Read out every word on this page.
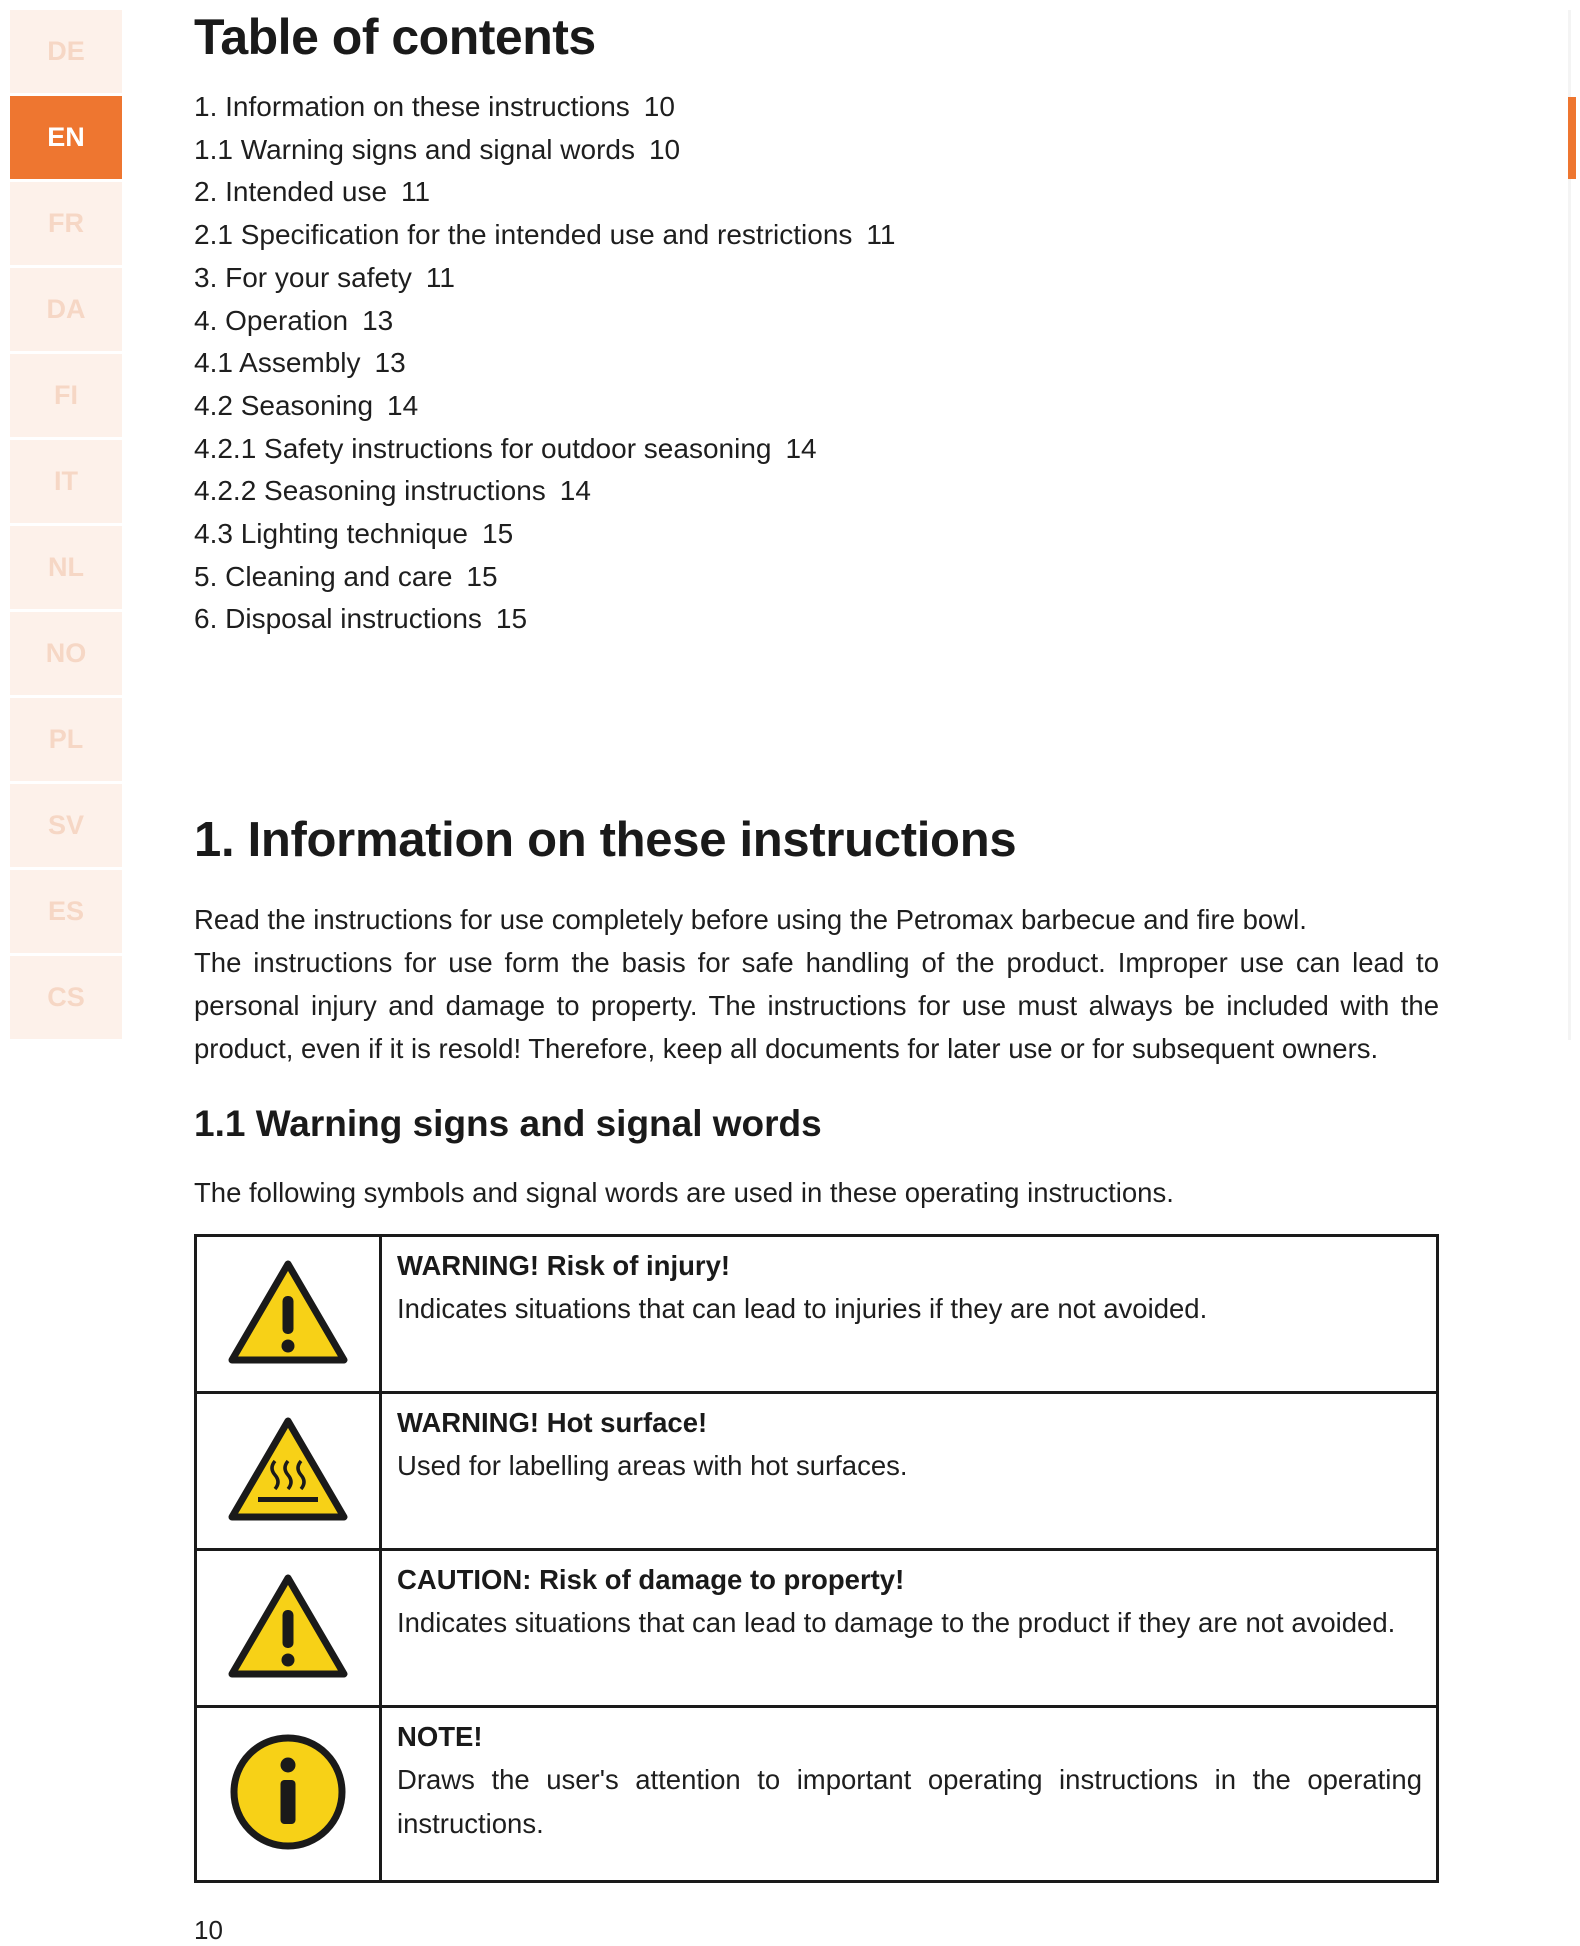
DE
EN
FR
DA
FI
IT
NL
NO
PL
SV
ES
CS
Table of contents
1. Information on these instructions 10
1.1 Warning signs and signal words 10
2. Intended use 11
2.1 Specification for the intended use and restrictions 11
3. For your safety 11
4. Operation 13
4.1 Assembly 13
4.2 Seasoning 14
4.2.1 Safety instructions for outdoor seasoning 14
4.2.2 Seasoning instructions 14
4.3 Lighting technique 15
5. Cleaning and care 15
6. Disposal instructions 15
1. Information on these instructions

Read the instructions for use completely before using the Petromax barbecue and fire bowl.

The instructions for use form the basis for safe handling of the product. Improper use can lead to personal injury and damage to property. The instructions for use must always be included with the product, even if it is resold! Therefore, keep all documents for later use or for subsequent owners.

1.1 Warning signs and signal words

The following symbols and signal words are used in these operating instructions.

WARNING! Risk of injury!
Indicates situations that can lead to injuries if they are not avoided.

WARNING! Hot surface!
Used for labelling areas with hot surfaces.

CAUTION: Risk of damage to property!
Indicates situations that can lead to damage to the product if they are not avoided.

NOTE!
Draws the user's attention to important operating instructions in the operating instructions.
10
